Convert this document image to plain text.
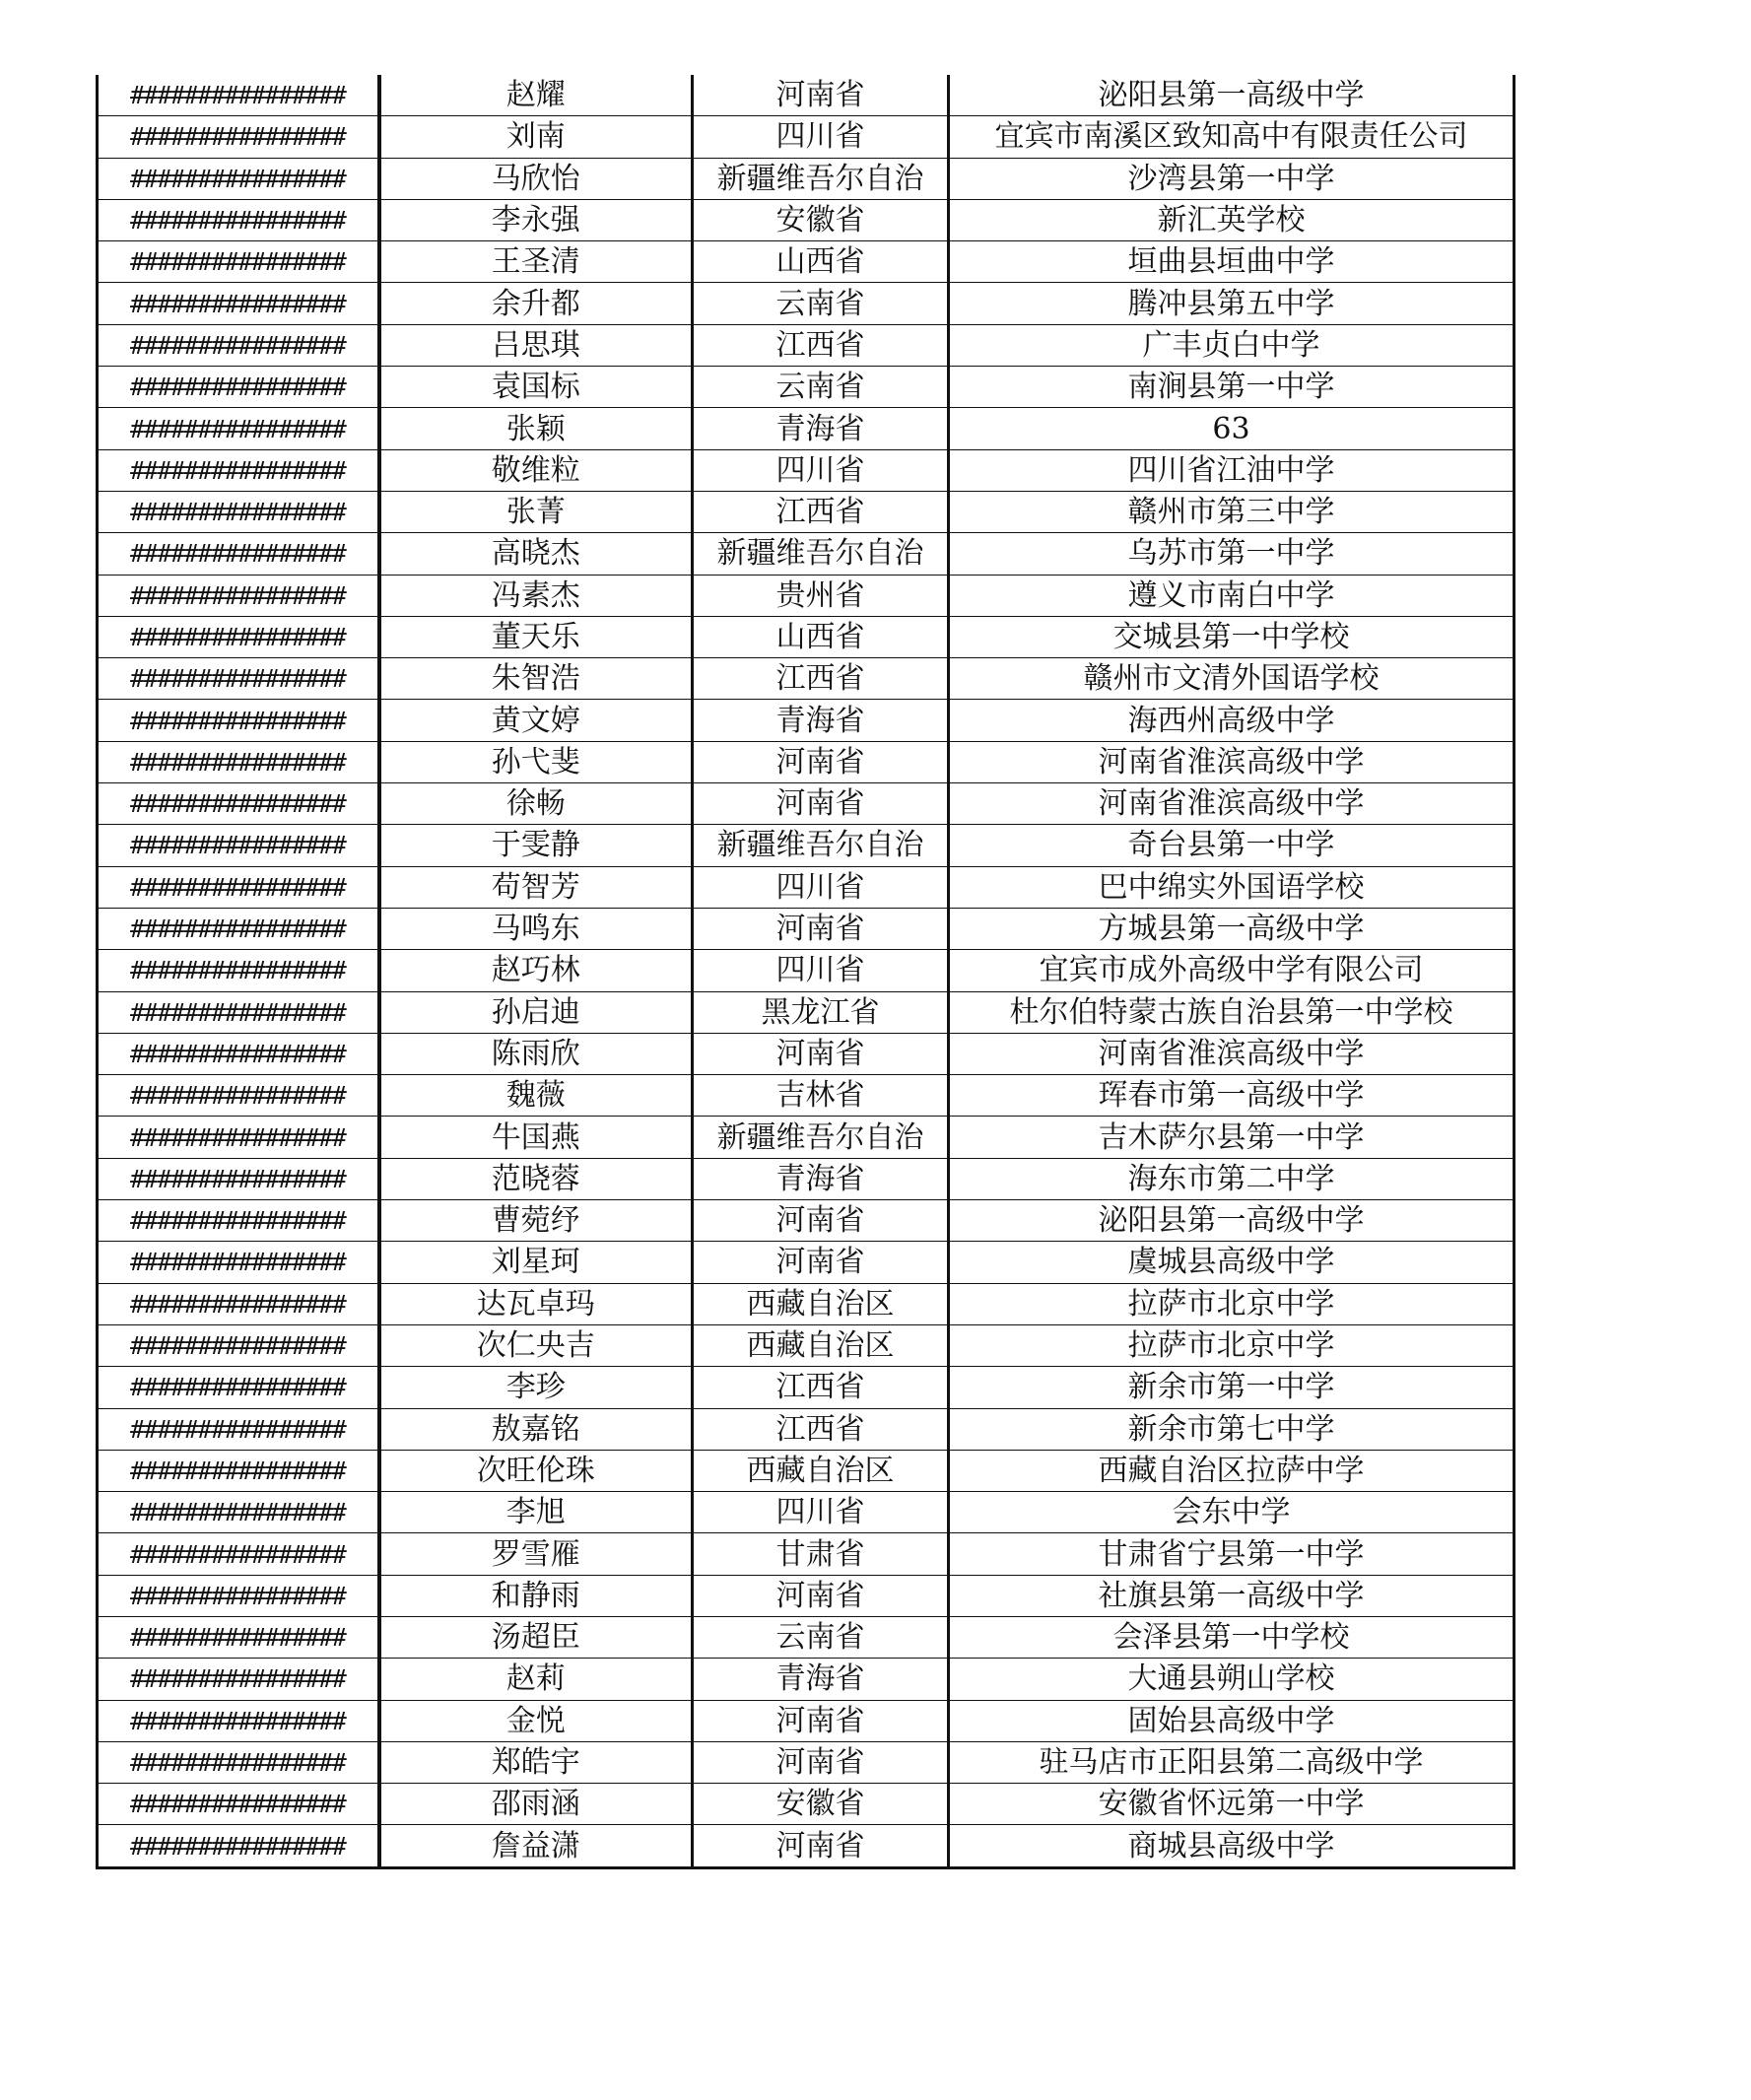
################	赵耀	河南省	泌阳县第一高级中学
################	刘南	四川省	宜宾市南溪区致知高中有限责任公司
################	马欣怡	新疆维吾尔自治	沙湾县第一中学
################	李永强	安徽省	新汇英学校
################	王圣清	山西省	垣曲县垣曲中学
################	余升都	云南省	腾冲县第五中学
################	吕思琪	江西省	广丰贞白中学
################	袁国标	云南省	南涧县第一中学
################	张颖	青海省	63
################	敬维粒	四川省	四川省江油中学
################	张菁	江西省	赣州市第三中学
################	高晓杰	新疆维吾尔自治	乌苏市第一中学
################	冯素杰	贵州省	遵义市南白中学
################	董天乐	山西省	交城县第一中学校
################	朱智浩	江西省	赣州市文清外国语学校
################	黄文婷	青海省	海西州高级中学
################	孙弋斐	河南省	河南省淮滨高级中学
################	徐畅	河南省	河南省淮滨高级中学
################	于雯静	新疆维吾尔自治	奇台县第一中学
################	苟智芳	四川省	巴中绵实外国语学校
################	马鸣东	河南省	方城县第一高级中学
################	赵巧林	四川省	宜宾市成外高级中学有限公司
################	孙启迪	黑龙江省	杜尔伯特蒙古族自治县第一中学校
################	陈雨欣	河南省	河南省淮滨高级中学
################	魏薇	吉林省	珲春市第一高级中学
################	牛国燕	新疆维吾尔自治	吉木萨尔县第一中学
################	范晓蓉	青海省	海东市第二中学
################	曹菀纾	河南省	泌阳县第一高级中学
################	刘星珂	河南省	虞城县高级中学
################	达瓦卓玛	西藏自治区	拉萨市北京中学
################	次仁央吉	西藏自治区	拉萨市北京中学
################	李珍	江西省	新余市第一中学
################	敖嘉铭	江西省	新余市第七中学
################	次旺伦珠	西藏自治区	西藏自治区拉萨中学
################	李旭	四川省	会东中学
################	罗雪雁	甘肃省	甘肃省宁县第一中学
################	和静雨	河南省	社旗县第一高级中学
################	汤超臣	云南省	会泽县第一中学校
################	赵莉	青海省	大通县朔山学校
################	金悦	河南省	固始县高级中学
################	郑皓宇	河南省	驻马店市正阳县第二高级中学
################	邵雨涵	安徽省	安徽省怀远第一中学
################	詹益潇	河南省	商城县高级中学
